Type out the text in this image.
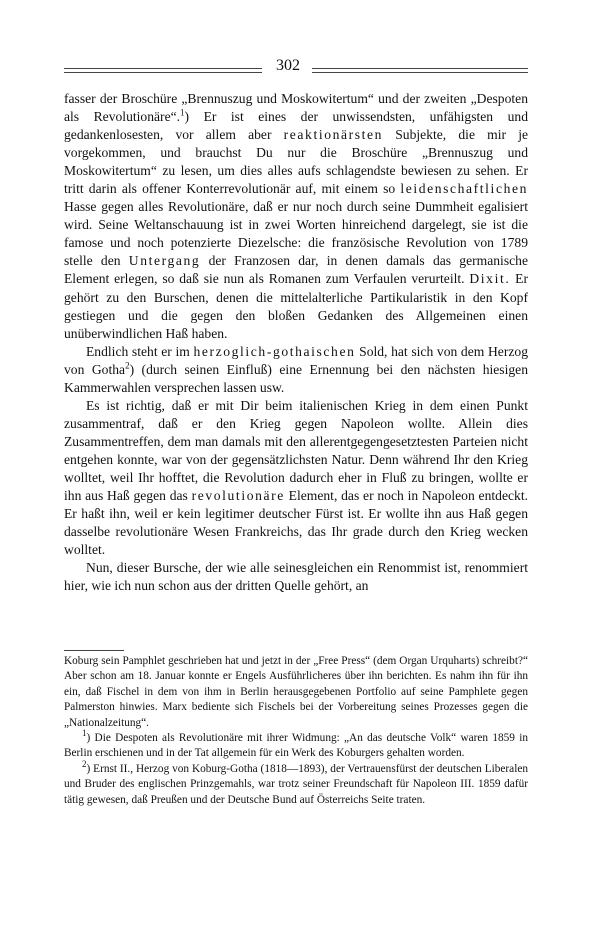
302

fasser der Broschüre „Brennuszug und Moskowitertum“ und der zweiten „Despoten als Revolutionäre“.$^1$) Er ist eines der unwissendsten, unfähigsten und gedankenlosesten, vor allem aber reaktionärsten Subjekte, die mir je vorgekommen, und brauchst Du nur die Broschüre „Brennuszug und Moskowitertum“ zu lesen, um dies alles aufs schlagendste bewiesen zu sehen. Er tritt darin als offener Konterrevolutionär auf, mit einem so leidenschaftlichen Hasse gegen alles Revolutionäre, daß er nur noch durch seine Dummheit egalisiert wird. Seine Weltanschauung ist in zwei Worten hinreichend dargelegt, sie ist die famose und noch potenzierte Diezelsche: die französische Revolution von 1789 stelle den Untergang der Franzosen dar, in denen damals das germanische Element erlegen, so daß sie nun als Romanen zum Verfaulen verurteilt. Dixit. Er gehört zu den Burschen, denen die mittelalterliche Partikularistik in den Kopf gestiegen und die gegen den bloßen Gedanken des Allgemeinen einen unüberwindlichen Haß haben.

Endlich steht er im herzoglich-gothaischen Sold, hat sich von dem Herzog von Gotha$^2$) (durch seinen Einfluß) eine Ernennung bei den nächsten hiesigen Kammerwahlen versprechen lassen usw.

Es ist richtig, daß er mit Dir beim italienischen Krieg in dem einen Punkt zusammentraf, daß er den Krieg gegen Napoleon wollte. Allein dies Zusammentreffen, dem man damals mit den allerentgegengesetztesten Parteien nicht entgehen konnte, war von der gegensätzlichsten Natur. Denn während Ihr den Krieg wolltet, weil Ihr hofftet, die Revolution dadurch eher in Fluß zu bringen, wollte er ihn aus Haß gegen das revolutionäre Element, das er noch in Napoleon entdeckt. Er haßt ihn, weil er kein legitimer deutscher Fürst ist. Er wollte ihn aus Haß gegen dasselbe revolutionäre Wesen Frankreichs, das Ihr grade durch den Krieg wecken wolltet.

Nun, dieser Bursche, der wie alle seinesgleichen ein Renommist ist, renommiert hier, wie ich nun schon aus der dritten Quelle gehört, an

Koburg sein Pamphlet geschrieben hat und jetzt in der „Free Press“ (dem Organ Urquharts) schreibt?“ Aber schon am 18. Januar konnte er Engels Ausführlicheres über ihn berichten. Es nahm ihn für ihn ein, daß Fischel in dem von ihm in Berlin herausgegebenen Portfolio auf seine Pamphlete gegen Palmerston hinwies. Marx bediente sich Fischels bei der Vorbereitung seines Prozesses gegen die „Nationalzeitung“.

$^1$) Die Despoten als Revolutionäre mit ihrer Widmung: „An das deutsche Volk“ waren 1859 in Berlin erschienen und in der Tat allgemein für ein Werk des Koburgers gehalten worden.

$^2$) Ernst II., Herzog von Koburg-Gotha (1818—1893), der Vertrauensfürst der deutschen Liberalen und Bruder des englischen Prinzgemahls, war trotz seiner Freundschaft für Napoleon III. 1859 dafür tätig gewesen, daß Preußen und der Deutsche Bund auf Österreichs Seite traten.
